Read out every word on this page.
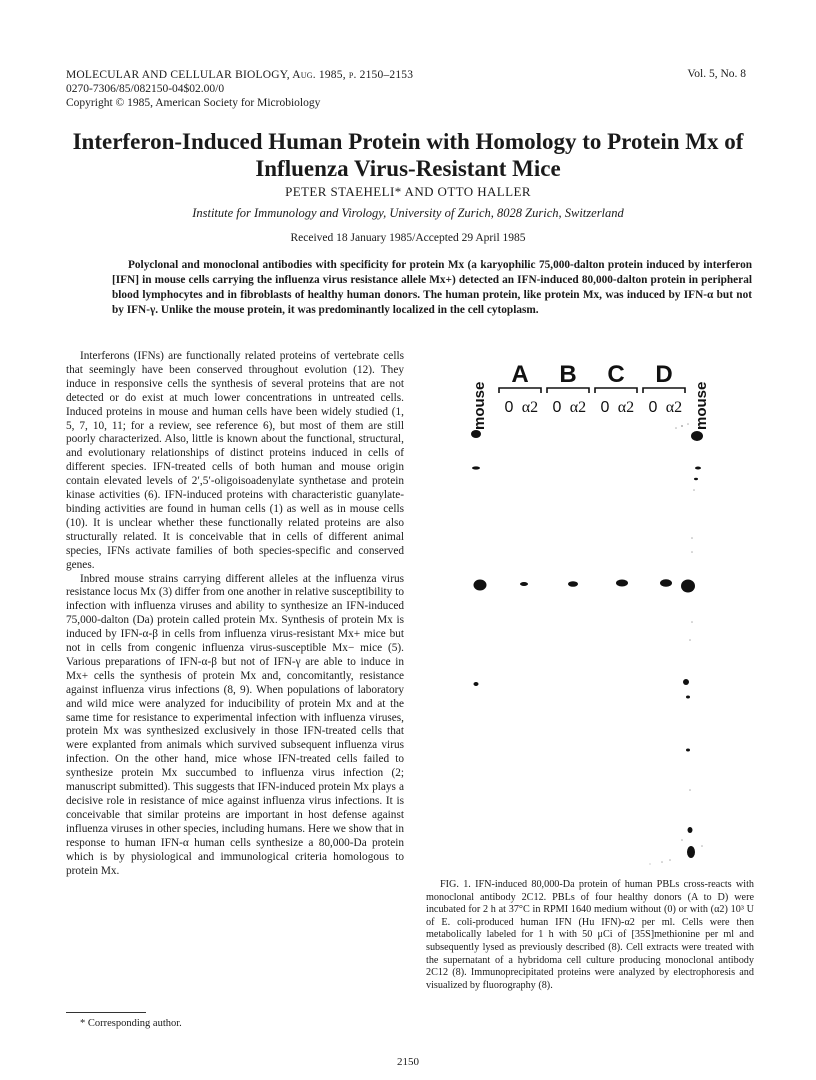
MOLECULAR AND CELLULAR BIOLOGY, Aug. 1985, p. 2150–2153
0270-7306/85/082150-04$02.00/0
Copyright © 1985, American Society for Microbiology
Vol. 5, No. 8
Interferon-Induced Human Protein with Homology to Protein Mx of Influenza Virus-Resistant Mice
PETER STAEHELI* AND OTTO HALLER
Institute for Immunology and Virology, University of Zurich, 8028 Zurich, Switzerland
Received 18 January 1985/Accepted 29 April 1985
Polyclonal and monoclonal antibodies with specificity for protein Mx (a karyophilic 75,000-dalton protein induced by interferon [IFN] in mouse cells carrying the influenza virus resistance allele Mx+) detected an IFN-induced 80,000-dalton protein in peripheral blood lymphocytes and in fibroblasts of healthy human donors. The human protein, like protein Mx, was induced by IFN-α but not by IFN-γ. Unlike the mouse protein, it was predominantly localized in the cell cytoplasm.

Interferons (IFNs) are functionally related proteins of vertebrate cells that seemingly have been conserved throughout evolution (12). They induce in responsive cells the synthesis of several proteins that are not detected or do exist at much lower concentrations in untreated cells. Induced proteins in mouse and human cells have been widely studied (1, 5, 7, 10, 11; for a review, see reference 6), but most of them are still poorly characterized. Also, little is known about the functional, structural, and evolutionary relationships of distinct proteins induced in cells of different species. IFN-treated cells of both human and mouse origin contain elevated levels of 2′,5′-oligoisoadenylate synthetase and protein kinase activities (6). IFN-induced proteins with characteristic guanylate-binding activities are found in human cells (1) as well as in mouse cells (10). It is unclear whether these functionally related proteins are also structurally related. It is conceivable that in cells of different animal species, IFNs activate families of both species-specific and conserved genes.

Inbred mouse strains carrying different alleles at the influenza virus resistance locus Mx (3) differ from one another in relative susceptibility to infection with influenza viruses and ability to synthesize an IFN-induced 75,000-dalton (Da) protein called protein Mx. Synthesis of protein Mx is induced by IFN-α-β in cells from influenza virus-resistant Mx+ mice but not in cells from congenic influenza virus-susceptible Mx− mice (5). Various preparations of IFN-α-β but not of IFN-γ are able to induce in Mx+ cells the synthesis of protein Mx and, concomitantly, resistance against influenza virus infections (8, 9). When populations of laboratory and wild mice were analyzed for inducibility of protein Mx and at the same time for resistance to experimental infection with influenza viruses, protein Mx was synthesized exclusively in those IFN-treated cells that were explanted from animals which survived subsequent influenza virus infection. On the other hand, mice whose IFN-treated cells failed to synthesize protein Mx succumbed to influenza virus infection (2; manuscript submitted). This suggests that IFN-induced protein Mx plays a decisive role in resistance of mice against influenza virus infections. It is conceivable that similar proteins are important in host defense against influenza viruses in other species, including humans. Here we show that in response to human IFN-α human cells synthesize a 80,000-Da protein which is by physiological and immunological criteria homologous to protein Mx.

mouse	mouse
A
0 α2
B
0 α2
C
0 α2
D
0 α2
FIG. 1. IFN-induced 80,000-Da protein of human PBLs cross-reacts with monoclonal antibody 2C12. PBLs of four healthy donors (A to D) were incubated for 2 h at 37°C in RPMI 1640 medium without (0) or with (α2) 10³ U of E. coli-produced human IFN (Hu IFN)-α2 per ml. Cells were then metabolically labeled for 1 h with 50 μCi of [35S]methionine per ml and subsequently lysed as previously described (8). Cell extracts were treated with the supernatant of a hybridoma cell culture producing monoclonal antibody 2C12 (8). Immunoprecipitated proteins were analyzed by electrophoresis and visualized by fluorography (8).
* Corresponding author.
2150
